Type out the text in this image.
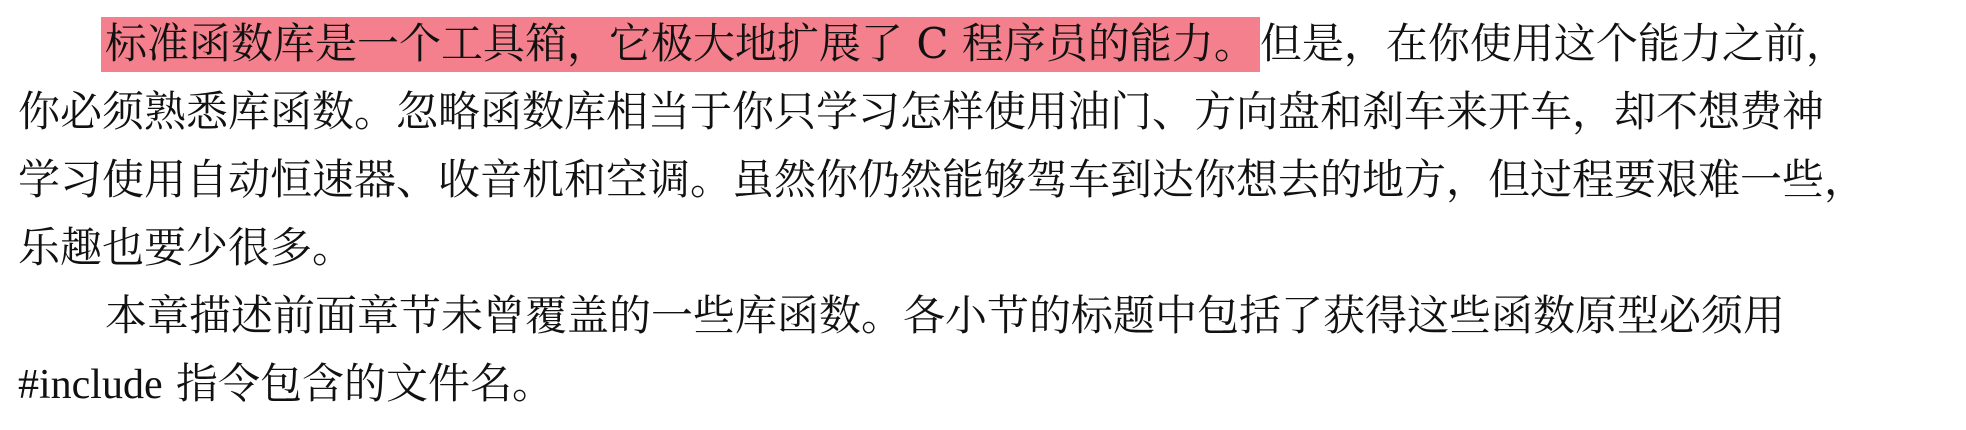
标准函数库是一个工具箱，它极大地扩展了 C 程序员的能力。但是，在你使用这个能力之前，
你必须熟悉库函数。忽略函数库相当于你只学习怎样使用油门、方向盘和刹车来开车，却不想费神
学习使用自动恒速器、收音机和空调。虽然你仍然能够驾车到达你想去的地方，但过程要艰难一些，
乐趣也要少很多。
本章描述前面章节未曾覆盖的一些库函数。各小节的标题中包括了获得这些函数原型必须用
#include 指令包含的文件名。
